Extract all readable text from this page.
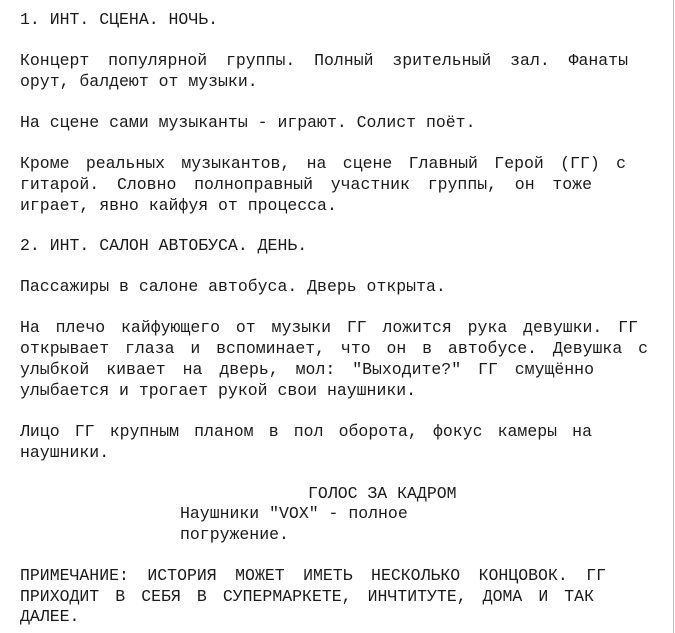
1. ИНТ. СЦЕНА. НОЧЬ.
Концерт популярной группы. Полный зрительный зал. Фанаты
орут, балдеют от музыки.
На сцене сами музыканты - играют. Солист поёт.
Кроме реальных музыкантов, на сцене Главный Герой (ГГ) с
гитарой. Словно полноправный участник группы, он тоже
играет, явно кайфуя от процесса.
2. ИНТ. САЛОН АВТОБУСА. ДЕНЬ.
Пассажиры в салоне автобуса. Дверь открыта.
На плечо кайфующего от музыки ГГ ложится рука девушки. ГГ
открывает глаза и вспоминает, что он в автобусе. Девушка с
улыбкой кивает на дверь, мол: "Выходите?" ГГ смущённо
улыбается и трогает рукой свои наушники.
Лицо ГГ крупным планом в пол оборота, фокус камеры на
наушники.
ГОЛОС ЗА КАДРОМ
Наушники "VOX" - полное
погружение.
ПРИМЕЧАНИЕ: ИСТОРИЯ МОЖЕТ ИМЕТЬ НЕСКОЛЬКО КОНЦОВОК. ГГ
ПРИХОДИТ В СЕБЯ В СУПЕРМАРКЕТЕ, ИНЧТИТУТЕ, ДОМА И ТАК
ДАЛЕЕ.
